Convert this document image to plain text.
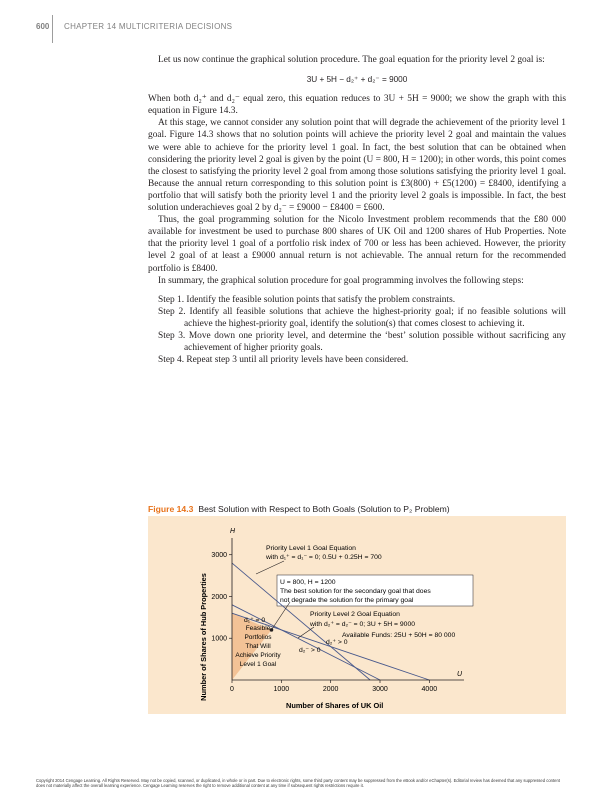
600 CHAPTER 14 MULTICRITERIA DECISIONS

Let us now continue the graphical solution procedure. The goal equation for the priority level 2 goal is:

3U + 5H − d₂⁺ + d₂⁻ = 9000

When both d₂⁺ and d₂⁻ equal zero, this equation reduces to 3U + 5H = 9000; we show the graph with this equation in Figure 14.3.

At this stage, we cannot consider any solution point that will degrade the achievement of the priority level 1 goal. Figure 14.3 shows that no solution points will achieve the priority level 2 goal and maintain the values we were able to achieve for the priority level 1 goal. In fact, the best solution that can be obtained when considering the priority level 2 goal is given by the point (U = 800, H = 1200); in other words, this point comes the closest to satisfying the priority level 2 goal from among those solutions satisfying the priority level 1 goal. Because the annual return corresponding to this solution point is £3(800) + £5(1200) = £8400, identifying a portfolio that will satisfy both the priority level 1 and the priority level 2 goals is impossible. In fact, the best solution underachieves goal 2 by d₂⁻ = £9000 − £8400 = £600.

Thus, the goal programming solution for the Nicolo Investment problem recommends that the £80 000 available for investment be used to purchase 800 shares of UK Oil and 1200 shares of Hub Properties. Note that the priority level 1 goal of a portfolio risk index of 700 or less has been achieved. However, the priority level 2 goal of at least a £9000 annual return is not achievable. The annual return for the recommended portfolio is £8400.

In summary, the graphical solution procedure for goal programming involves the following steps:

Step 1. Identify the feasible solution points that satisfy the problem constraints.

Step 2. Identify all feasible solutions that achieve the highest-priority goal; if no feasible solutions will achieve the highest-priority goal, identify the solution(s) that comes closest to achieving it.

Step 3. Move down one priority level, and determine the ‘best’ solution possible without sacrificing any achievement of higher priority goals.

Step 4. Repeat step 3 until all priority levels have been considered.

Figure 14.3 Best Solution with Respect to Both Goals (Solution to P₂ Problem)
0	1000	2000	3000	4000
1000
2000
3000
H
U
Number of Shares of UK Oil
Number of Shares of Hub Properties
Priority Level 1 Goal Equation
with d₁⁺ = d₁⁻ = 0; 0.5U + 0.25H = 700
U = 800, H = 1200
The best solution for the secondary goal that does
not degrade the solution for the primary goal
Priority Level 2 Goal Equation
with d₂⁺ = d₂⁻ = 0; 3U + 5H = 9000
d₂⁺ > 0
d₁⁺ = 0
d₂⁻ > 0
Feasible
Portfolios
That Will
Achieve Priority
Level 1 Goal
Available Funds: 25U + 50H = 80 000
Copyright 2014 Cengage Learning. All Rights Reserved. May not be copied, scanned, or duplicated, in whole or in part. Due to electronic rights, some third party content may be suppressed from the eBook and/or eChapter(s). Editorial review has deemed that any suppressed content does not materially affect the overall learning experience. Cengage Learning reserves the right to remove additional content at any time if subsequent rights restrictions require it.
